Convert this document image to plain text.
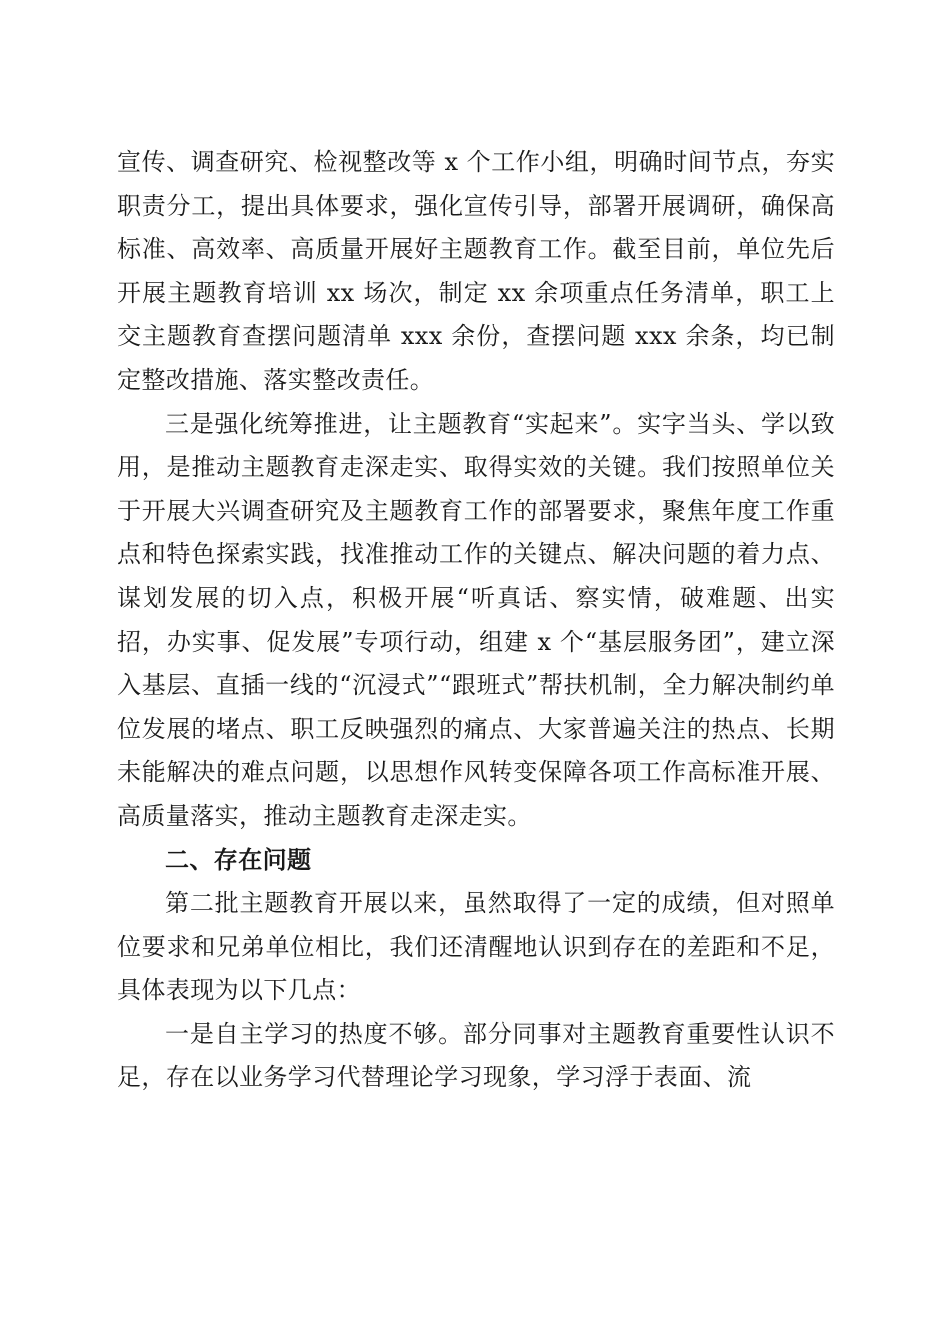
宣传、调查研究、检视整改等 x 个工作小组，明确时间节点，夯实职责分工，提出具体要求，强化宣传引导，部署开展调研，确保高标准、高效率、高质量开展好主题教育工作。截至目前，单位先后开展主题教育培训 xx 场次，制定 xx 余项重点任务清单，职工上交主题教育查摆问题清单 xxx 余份，查摆问题 xxx 余条，均已制定整改措施、落实整改责任。

三是强化统筹推进，让主题教育“实起来”。实字当头、学以致用，是推动主题教育走深走实、取得实效的关键。我们按照单位关于开展大兴调查研究及主题教育工作的部署要求，聚焦年度工作重点和特色探索实践，找准推动工作的关键点、解决问题的着力点、谋划发展的切入点，积极开展“听真话、察实情，破难题、出实招，办实事、促发展”专项行动，组建 x 个“基层服务团”，建立深入基层、直插一线的“沉浸式”“跟班式”帮扶机制，全力解决制约单位发展的堵点、职工反映强烈的痛点、大家普遍关注的热点、长期未能解决的难点问题，以思想作风转变保障各项工作高标准开展、高质量落实，推动主题教育走深走实。

二、存在问题

第二批主题教育开展以来，虽然取得了一定的成绩，但对照单位要求和兄弟单位相比，我们还清醒地认识到存在的差距和不足，具体表现为以下几点：

一是自主学习的热度不够。部分同事对主题教育重要性认识不足，存在以业务学习代替理论学习现象，学习浮于表面、流
